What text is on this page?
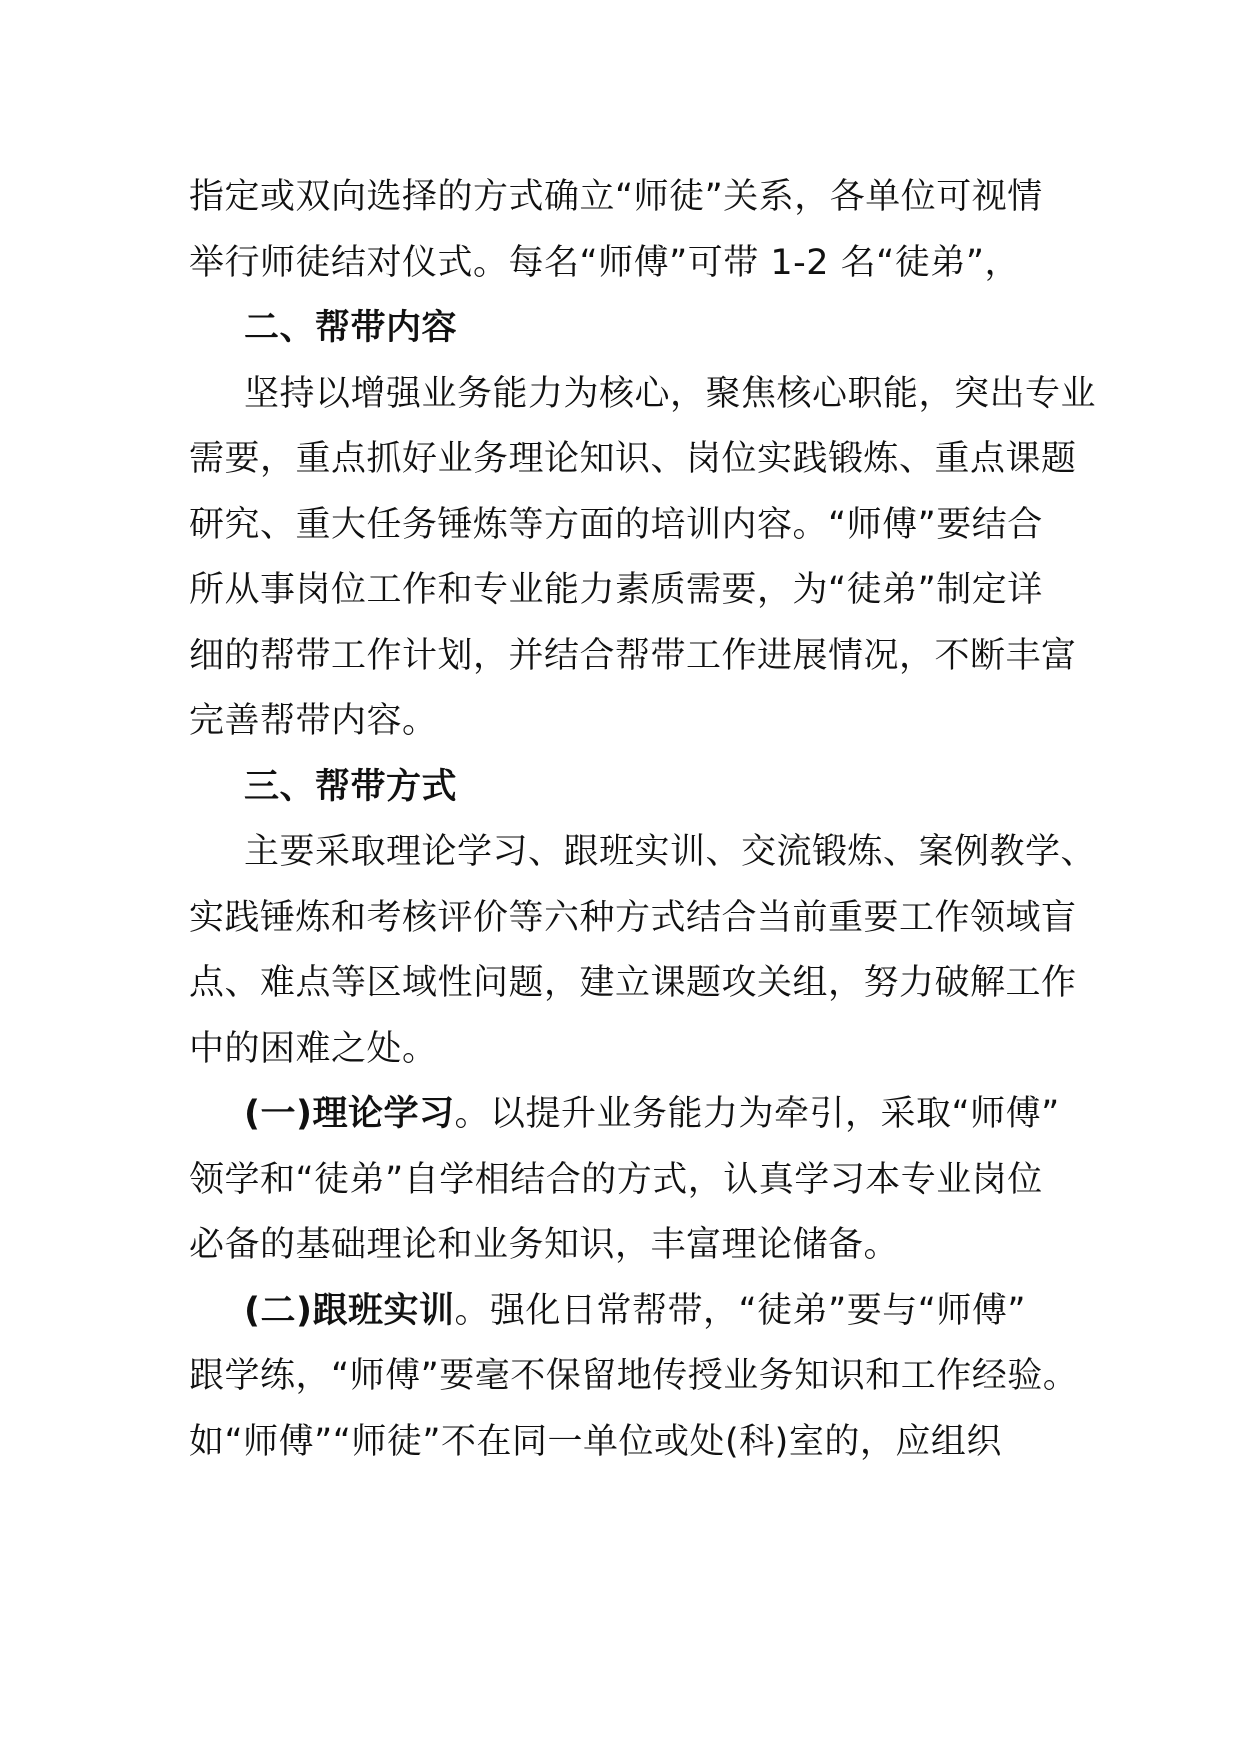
指定或双向选择的方式确立“师徒”关系，各单位可视情
举行师徒结对仪式。每名“师傅”可带 1-2 名“徒弟”，
二、帮带内容
坚持以增强业务能力为核心，聚焦核心职能，突出专业
需要，重点抓好业务理论知识、岗位实践锻炼、重点课题
研究、重大任务锤炼等方面的培训内容。“师傅”要结合
所从事岗位工作和专业能力素质需要，为“徒弟”制定详
细的帮带工作计划，并结合帮带工作进展情况，不断丰富
完善帮带内容。
三、帮带方式
主要采取理论学习、跟班实训、交流锻炼、案例教学、
实践锤炼和考核评价等六种方式结合当前重要工作领域盲
点、难点等区域性问题，建立课题攻关组，努力破解工作
中的困难之处。
(一)理论学习。以提升业务能力为牵引，采取“师傅”
领学和“徒弟”自学相结合的方式，认真学习本专业岗位
必备的基础理论和业务知识，丰富理论储备。
(二)跟班实训。强化日常帮带，“徒弟”要与“师傅”
跟学练，“师傅”要毫不保留地传授业务知识和工作经验。
如“师傅”“师徒”不在同一单位或处(科)室的，应组织
